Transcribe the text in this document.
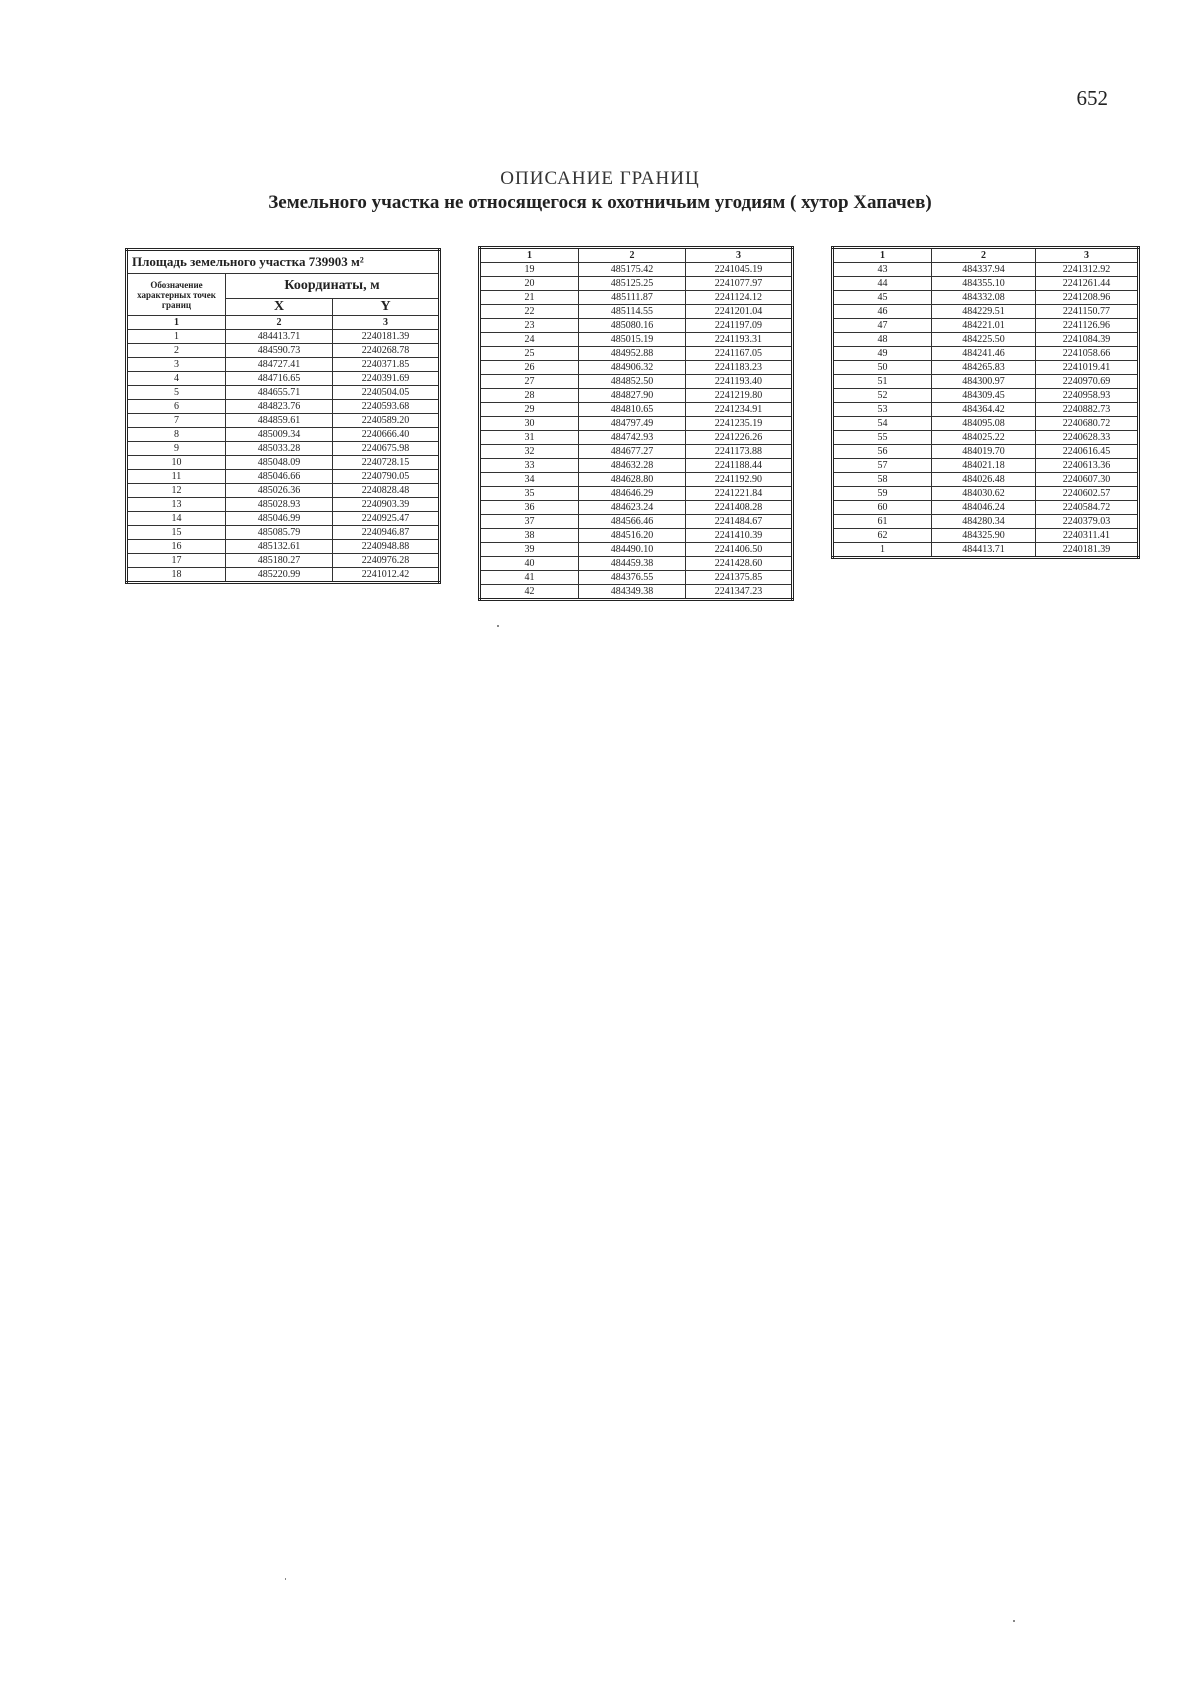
652
ОПИСАНИЕ ГРАНИЦ
Земельного участка не относящегося к охотничьим угодиям ( хутор Хапачев)
Площадь земельного участка 739903 м²		
Обозначение характерных точек границ	Координаты, м	
	X	Y
1	2	3
1	484413.71	2240181.39
2	484590.73	2240268.78
3	484727.41	2240371.85
4	484716.65	2240391.69
5	484655.71	2240504.05
6	484823.76	2240593.68
7	484859.61	2240589.20
8	485009.34	2240666.40
9	485033.28	2240675.98
10	485048.09	2240728.15
11	485046.66	2240790.05
12	485026.36	2240828.48
13	485028.93	2240903.39
14	485046.99	2240925.47
15	485085.79	2240946.87
16	485132.61	2240948.88
17	485180.27	2240976.28
18	485220.99	2241012.42
1	2	3
19	485175.42	2241045.19
20	485125.25	2241077.97
21	485111.87	2241124.12
22	485114.55	2241201.04
23	485080.16	2241197.09
24	485015.19	2241193.31
25	484952.88	2241167.05
26	484906.32	2241183.23
27	484852.50	2241193.40
28	484827.90	2241219.80
29	484810.65	2241234.91
30	484797.49	2241235.19
31	484742.93	2241226.26
32	484677.27	2241173.88
33	484632.28	2241188.44
34	484628.80	2241192.90
35	484646.29	2241221.84
36	484623.24	2241408.28
37	484566.46	2241484.67
38	484516.20	2241410.39
39	484490.10	2241406.50
40	484459.38	2241428.60
41	484376.55	2241375.85
42	484349.38	2241347.23
1	2	3
43	484337.94	2241312.92
44	484355.10	2241261.44
45	484332.08	2241208.96
46	484229.51	2241150.77
47	484221.01	2241126.96
48	484225.50	2241084.39
49	484241.46	2241058.66
50	484265.83	2241019.41
51	484300.97	2240970.69
52	484309.45	2240958.93
53	484364.42	2240882.73
54	484095.08	2240680.72
55	484025.22	2240628.33
56	484019.70	2240616.45
57	484021.18	2240613.36
58	484026.48	2240607.30
59	484030.62	2240602.57
60	484046.24	2240584.72
61	484280.34	2240379.03
62	484325.90	2240311.41
1	484413.71	2240181.39
